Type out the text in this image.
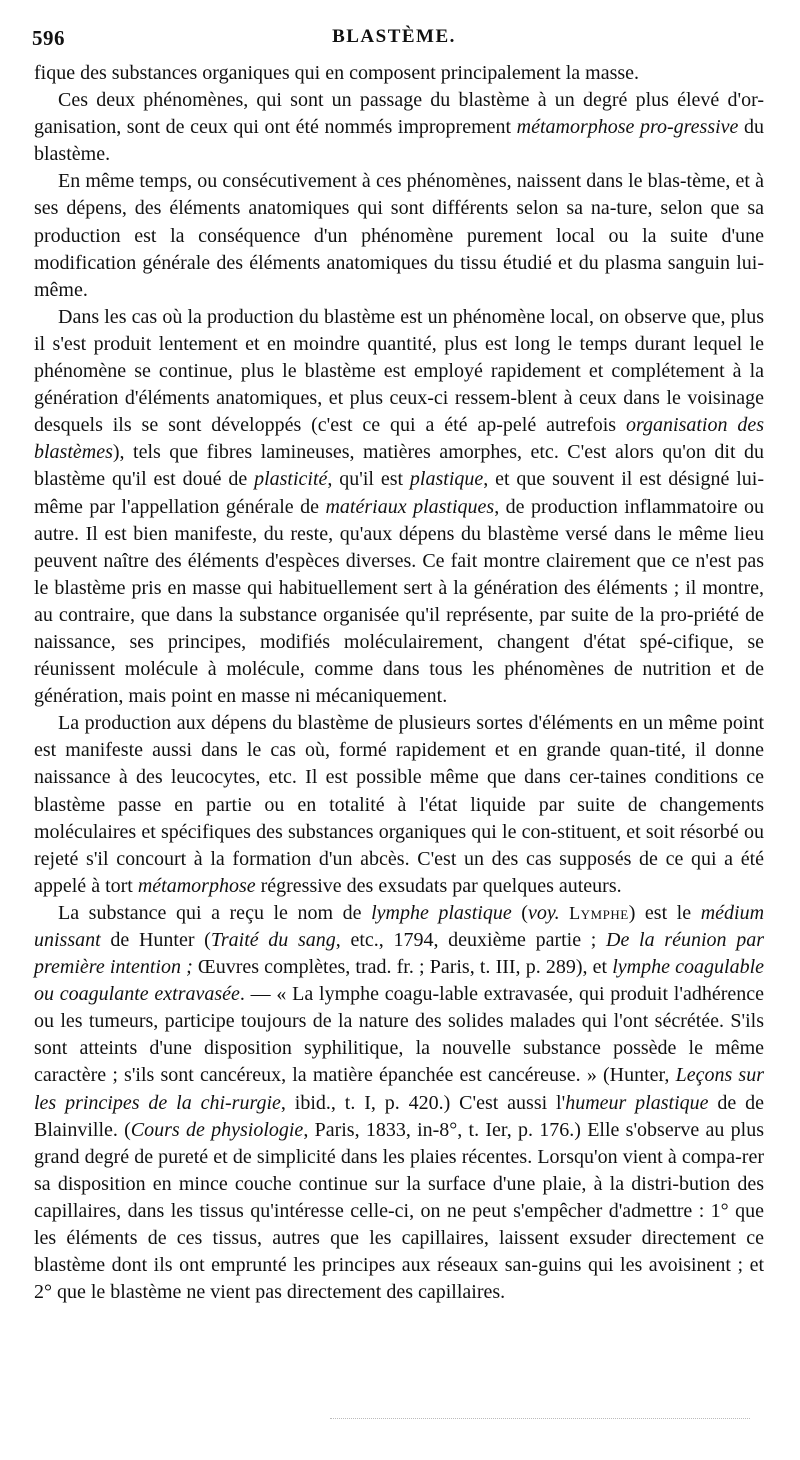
596	BLASTÈME.

fique des substances organiques qui en composent principalement la masse.

Ces deux phénomènes, qui sont un passage du blastème à un degré plus élevé d'or-ganisation, sont de ceux qui ont été nommés improprement métamorphose pro-gressive du blastème.

En même temps, ou consécutivement à ces phénomènes, naissent dans le blas-tème, et à ses dépens, des éléments anatomiques qui sont différents selon sa na-ture, selon que sa production est la conséquence d'un phénomène purement local ou la suite d'une modification générale des éléments anatomiques du tissu étudié et du plasma sanguin lui-même.

Dans les cas où la production du blastème est un phénomène local, on observe que, plus il s'est produit lentement et en moindre quantité, plus est long le temps durant lequel le phénomène se continue, plus le blastème est employé rapidement et complétement à la génération d'éléments anatomiques, et plus ceux-ci ressem-blent à ceux dans le voisinage desquels ils se sont développés (c'est ce qui a été ap-pelé autrefois organisation des blastèmes), tels que fibres lamineuses, matières amorphes, etc. C'est alors qu'on dit du blastème qu'il est doué de plasticité, qu'il est plastique, et que souvent il est désigné lui-même par l'appellation générale de matériaux plastiques, de production inflammatoire ou autre. Il est bien manifeste, du reste, qu'aux dépens du blastème versé dans le même lieu peuvent naître des éléments d'espèces diverses. Ce fait montre clairement que ce n'est pas le blastème pris en masse qui habituellement sert à la génération des éléments ; il montre, au contraire, que dans la substance organisée qu'il représente, par suite de la pro-priété de naissance, ses principes, modifiés moléculairement, changent d'état spé-cifique, se réunissent molécule à molécule, comme dans tous les phénomènes de nutrition et de génération, mais point en masse ni mécaniquement.

La production aux dépens du blastème de plusieurs sortes d'éléments en un même point est manifeste aussi dans le cas où, formé rapidement et en grande quan-tité, il donne naissance à des leucocytes, etc. Il est possible même que dans cer-taines conditions ce blastème passe en partie ou en totalité à l'état liquide par suite de changements moléculaires et spécifiques des substances organiques qui le con-stituent, et soit résorbé ou rejeté s'il concourt à la formation d'un abcès. C'est un des cas supposés de ce qui a été appelé à tort métamorphose régressive des exsudats par quelques auteurs.

La substance qui a reçu le nom de lymphe plastique (voy. Lymphe) est le médium unissant de Hunter (Traité du sang, etc., 1794, deuxième partie ; De la réunion par première intention ; Œuvres complètes, trad. fr. ; Paris, t. III, p. 289), et lymphe coagulable ou coagulante extravasée. — « La lymphe coagu-lable extravasée, qui produit l'adhérence ou les tumeurs, participe toujours de la nature des solides malades qui l'ont sécrétée. S'ils sont atteints d'une disposition syphilitique, la nouvelle substance possède le même caractère ; s'ils sont cancéreux, la matière épanchée est cancéreuse. » (Hunter, Leçons sur les principes de la chi-rurgie, ibid., t. I, p. 420.) C'est aussi l'humeur plastique de de Blainville. (Cours de physiologie, Paris, 1833, in-8°, t. Ier, p. 176.) Elle s'observe au plus grand degré de pureté et de simplicité dans les plaies récentes. Lorsqu'on vient à compa-rer sa disposition en mince couche continue sur la surface d'une plaie, à la distri-bution des capillaires, dans les tissus qu'intéresse celle-ci, on ne peut s'empêcher d'admettre : 1° que les éléments de ces tissus, autres que les capillaires, laissent exsuder directement ce blastème dont ils ont emprunté les principes aux réseaux san-guins qui les avoisinent ; et 2° que le blastème ne vient pas directement des capillaires.
